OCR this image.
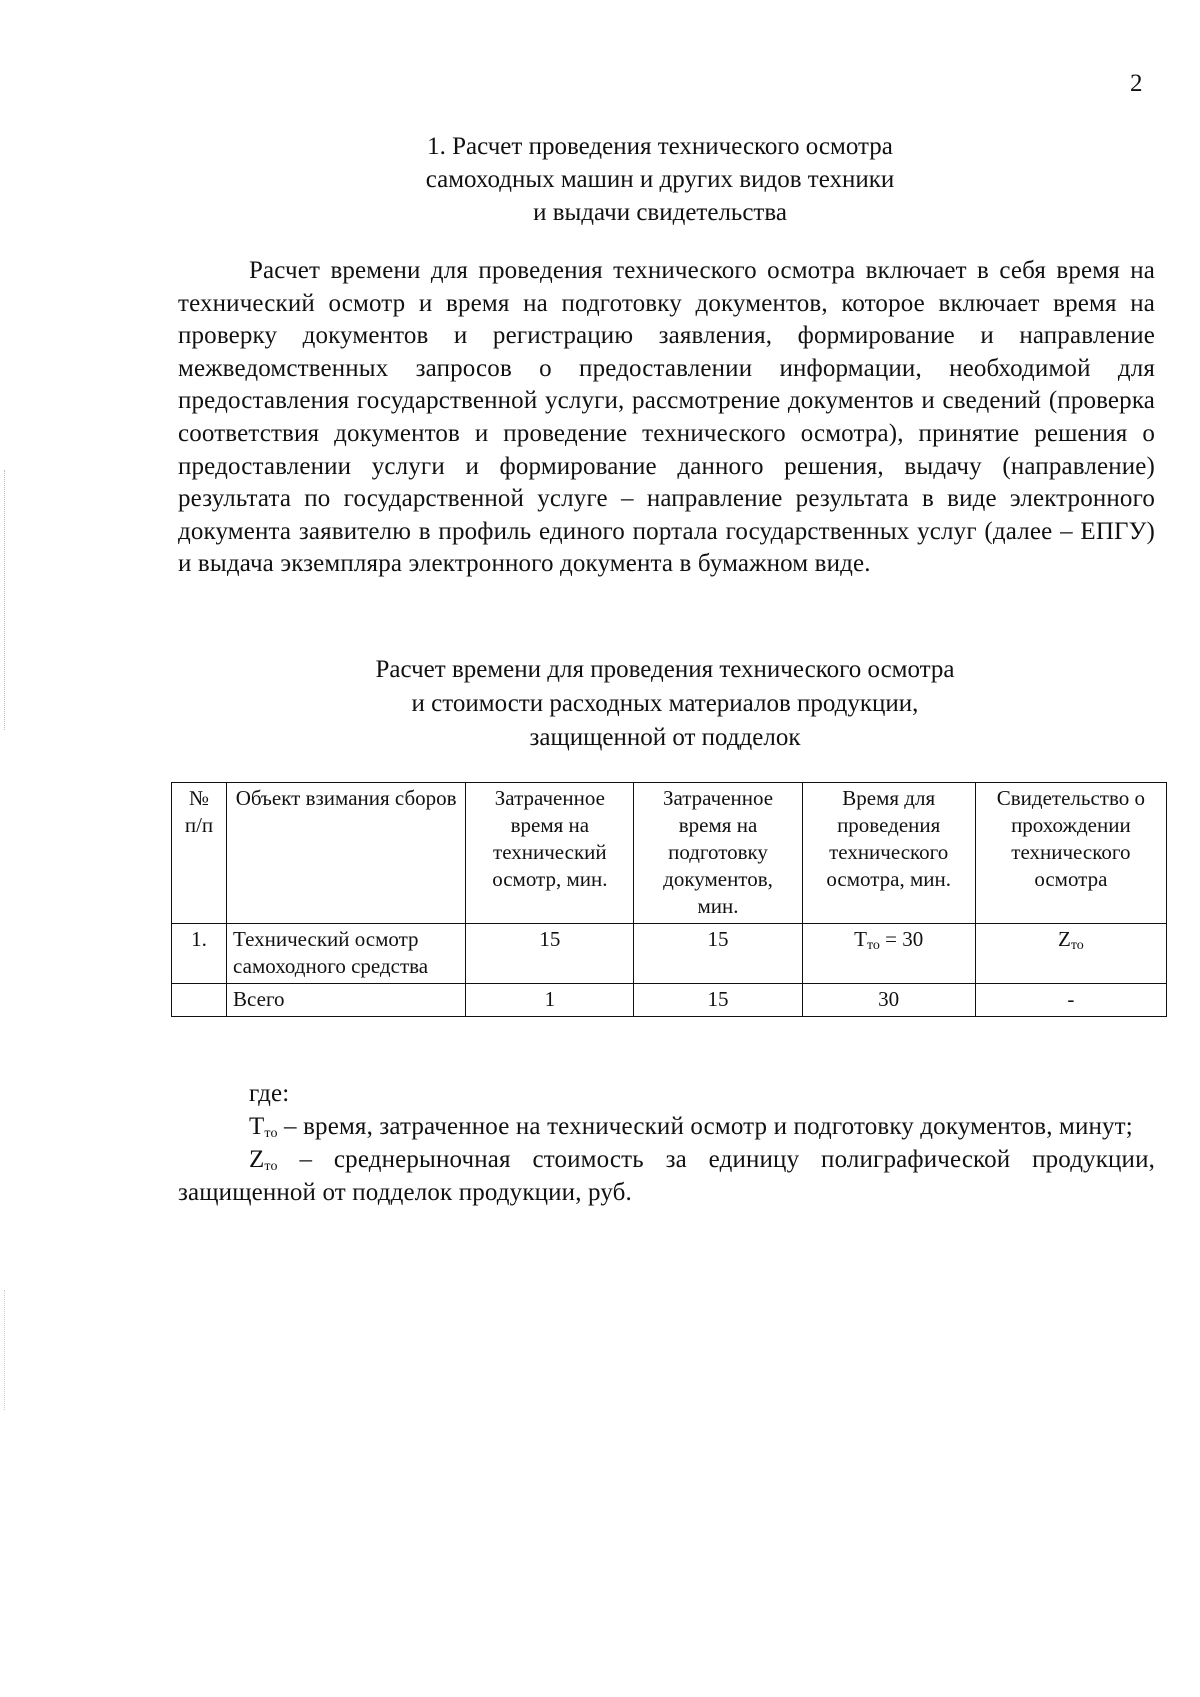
2
1. Расчет проведения технического осмотра
самоходных машин и других видов техники
и выдачи свидетельства

Расчет времени для проведения технического осмотра включает в себя время на технический осмотр и время на подготовку документов, которое включает время на проверку документов и регистрацию заявления, формирование и направление межведомственных запросов о предоставлении информации, необходимой для предоставления государственной услуги, рассмотрение документов и сведений (проверка соответствия документов и проведение технического осмотра), принятие решения о предоставлении услуги и формирование данного решения, выдачу (направление) результата по государственной услуге – направление результата в виде электронного документа заявителю в профиль единого портала государственных услуг (далее – ЕПГУ) и выдача экземпляра электронного документа в бумажном виде.

Расчет времени для проведения технического осмотра
и стоимости расходных материалов продукции,
защищенной от подделок
№ п/п	Объект взимания сборов	Затраченное время на технический осмотр, мин.	Затраченное время на подготовку документов, мин.	Время для проведения технического осмотра, мин.	Свидетельство о прохождении технического осмотра
1.	Технический осмотр самоходного средства	15	15	$T_{то} = 30$	$Z_{то}$
	Всего	1	15	30	-

где:

$T_{то}$ – время, затраченное на технический осмотр и подготовку документов, минут;

$Z_{то}$ – среднерыночная стоимость за единицу полиграфической продукции, защищенной от подделок продукции, руб.
